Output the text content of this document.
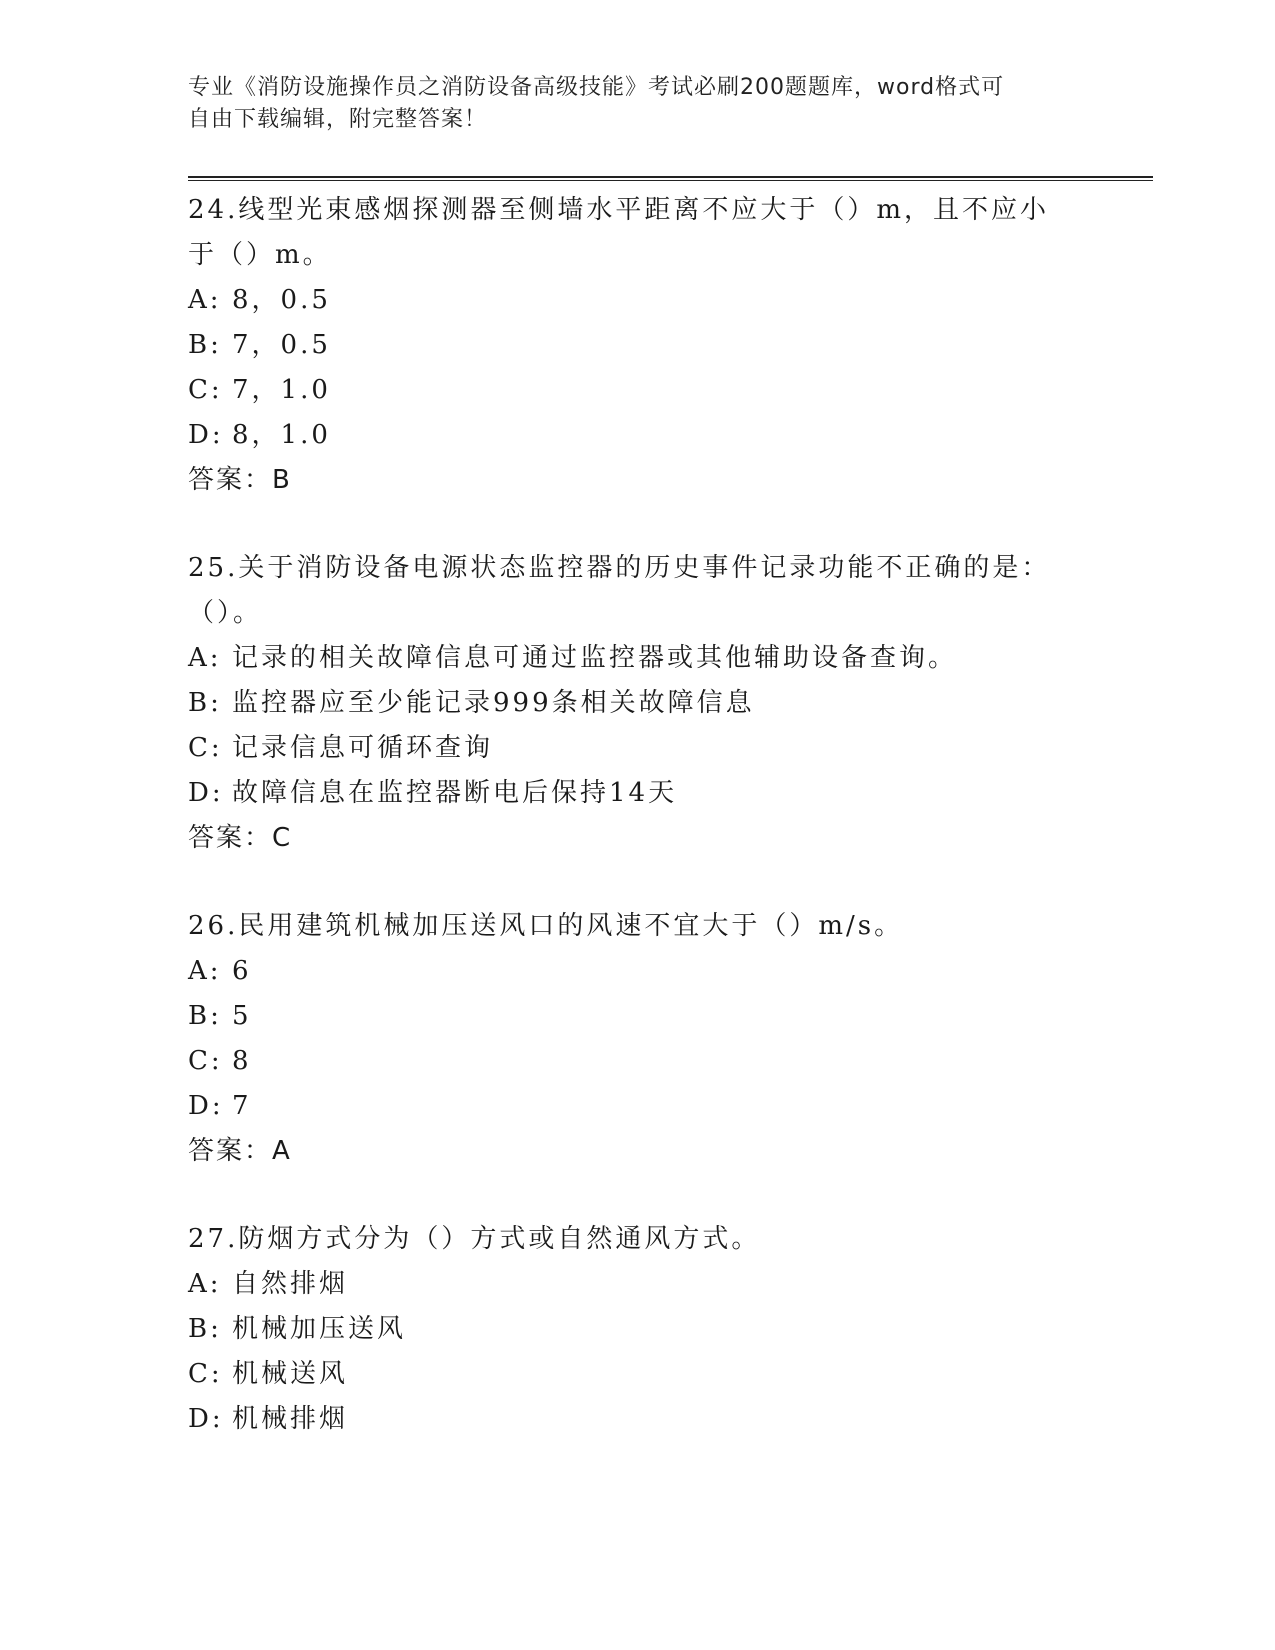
专业《消防设施操作员之消防设备高级技能》考试必刷200题题库，word格式可
自由下载编辑，附完整答案！
24.线型光束感烟探测器至侧墙水平距离不应大于（）m，且不应小于（）m。
A: 8，0.5
B: 7，0.5
C: 7，1.0
D: 8，1.0
答案：B
25.关于消防设备电源状态监控器的历史事件记录功能不正确的是：（）。
A: 记录的相关故障信息可通过监控器或其他辅助设备查询。
B: 监控器应至少能记录999条相关故障信息
C: 记录信息可循环查询
D: 故障信息在监控器断电后保持14天
答案：C
26.民用建筑机械加压送风口的风速不宜大于（）m/s。
A: 6
B: 5
C: 8
D: 7
答案：A
27.防烟方式分为（）方式或自然通风方式。
A: 自然排烟
B: 机械加压送风
C: 机械送风
D: 机械排烟
